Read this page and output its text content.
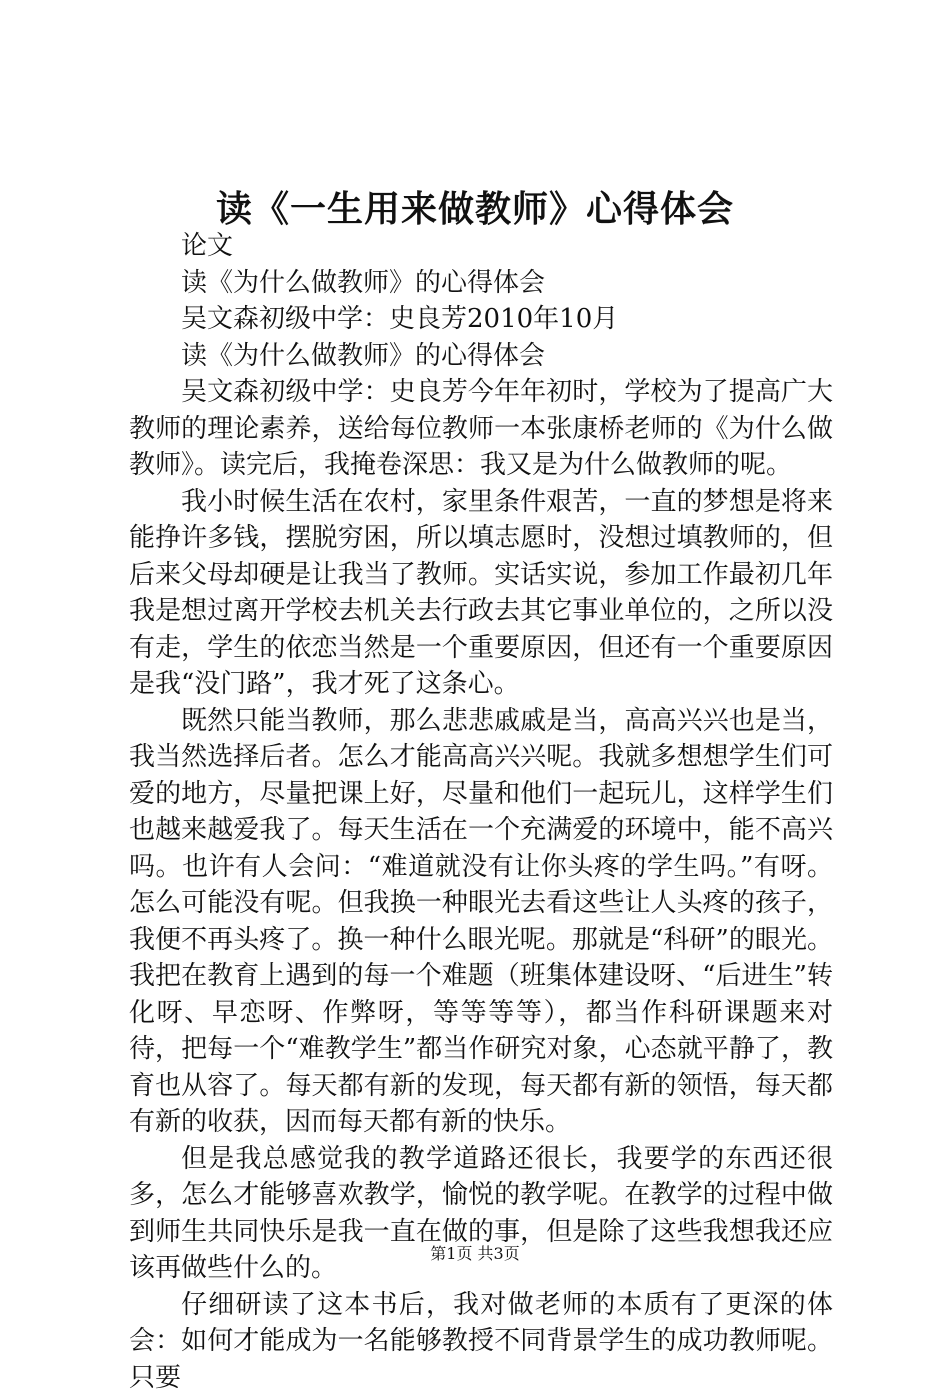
读《一生用来做教师》心得体会

论文

读《为什么做教师》的心得体会

吴文森初级中学：史良芳2010年10月

读《为什么做教师》的心得体会

吴文森初级中学：史良芳今年年初时，学校为了提高广大教师的理论素养，送给每位教师一本张康桥老师的《为什么做教师》。读完后，我掩卷深思：我又是为什么做教师的呢。

我小时候生活在农村，家里条件艰苦，一直的梦想是将来能挣许多钱，摆脱穷困，所以填志愿时，没想过填教师的，但后来父母却硬是让我当了教师。实话实说，参加工作最初几年我是想过离开学校去机关去行政去其它事业单位的，之所以没有走，学生的依恋当然是一个重要原因，但还有一个重要原因是我“没门路”，我才死了这条心。

既然只能当教师，那么悲悲戚戚是当，高高兴兴也是当，我当然选择后者。怎么才能高高兴兴呢。我就多想想学生们可爱的地方，尽量把课上好，尽量和他们一起玩儿，这样学生们也越来越爱我了。每天生活在一个充满爱的环境中，能不高兴吗。也许有人会问：“难道就没有让你头疼的学生吗。”有呀。怎么可能没有呢。但我换一种眼光去看这些让人头疼的孩子，我便不再头疼了。换一种什么眼光呢。那就是“科研”的眼光。我把在教育上遇到的每一个难题（班集体建设呀、“后进生”转化呀、早恋呀、作弊呀，等等等等），都当作科研课题来对待，把每一个“难教学生”都当作研究对象，心态就平静了，教育也从容了。每天都有新的发现，每天都有新的领悟，每天都有新的收获，因而每天都有新的快乐。

但是我总感觉我的教学道路还很长，我要学的东西还很多，怎么才能够喜欢教学，愉悦的教学呢。在教学的过程中做到师生共同快乐是我一直在做的事，但是除了这些我想我还应该再做些什么的。

仔细研读了这本书后，我对做老师的本质有了更深的体会：如何才能成为一名能够教授不同背景学生的成功教师呢。只要

第1页 共3页
